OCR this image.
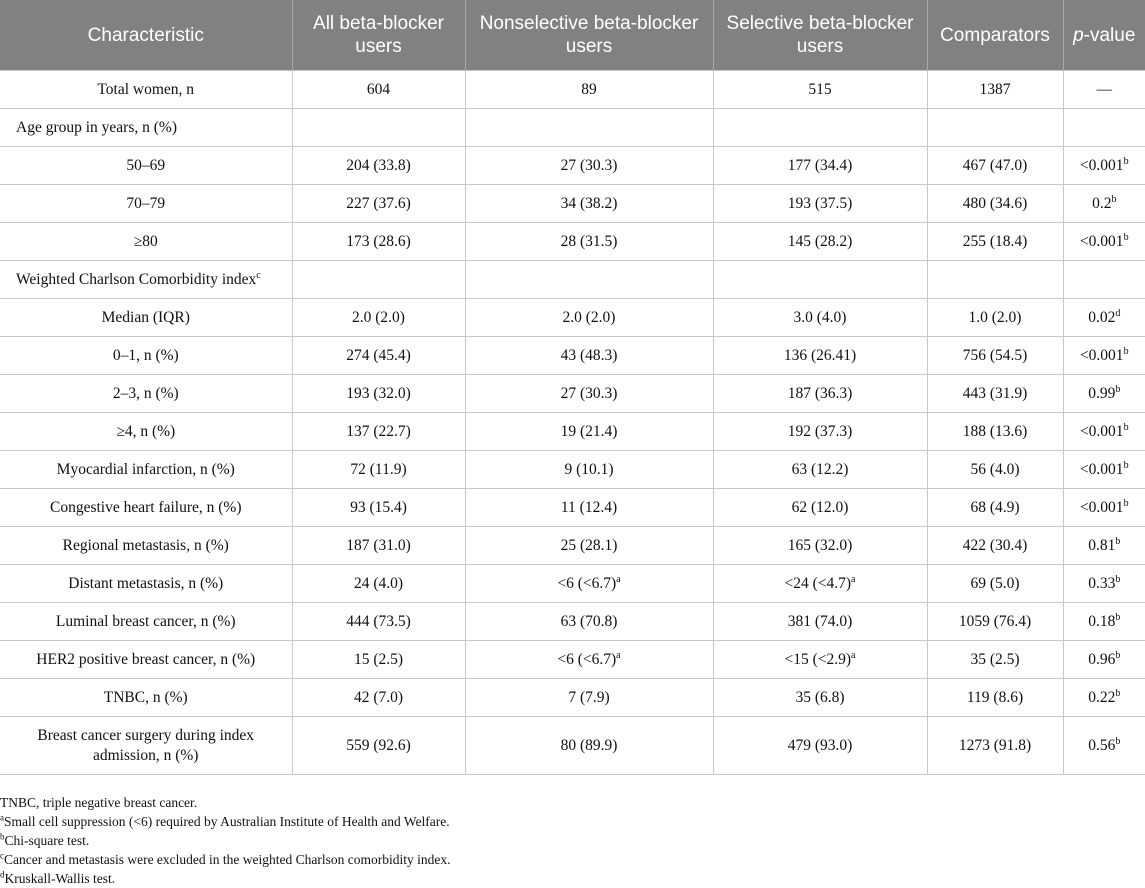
Characteristic	All beta-blocker users	Nonselective beta-blocker users	Selective beta-blocker users	Comparators	p-value
Total women, n	604	89	515	1387	—
Age group in years, n (%)					
50–69	204 (33.8)	27 (30.3)	177 (34.4)	467 (47.0)	<0.001$^b$
70–79	227 (37.6)	34 (38.2)	193 (37.5)	480 (34.6)	0.2$^b$
≥80	173 (28.6)	28 (31.5)	145 (28.2)	255 (18.4)	<0.001$^b$
Weighted Charlson Comorbidity index$^c$					
Median (IQR)	2.0 (2.0)	2.0 (2.0)	3.0 (4.0)	1.0 (2.0)	0.02$^d$
0–1, n (%)	274 (45.4)	43 (48.3)	136 (26.41)	756 (54.5)	<0.001$^b$
2–3, n (%)	193 (32.0)	27 (30.3)	187 (36.3)	443 (31.9)	0.99$^b$
≥4, n (%)	137 (22.7)	19 (21.4)	192 (37.3)	188 (13.6)	<0.001$^b$
Myocardial infarction, n (%)	72 (11.9)	9 (10.1)	63 (12.2)	56 (4.0)	<0.001$^b$
Congestive heart failure, n (%)	93 (15.4)	11 (12.4)	62 (12.0)	68 (4.9)	<0.001$^b$
Regional metastasis, n (%)	187 (31.0)	25 (28.1)	165 (32.0)	422 (30.4)	0.81$^b$
Distant metastasis, n (%)	24 (4.0)	<6 (<6.7)$^a$	<24 (<4.7)$^a$	69 (5.0)	0.33$^b$
Luminal breast cancer, n (%)	444 (73.5)	63 (70.8)	381 (74.0)	1059 (76.4)	0.18$^b$
HER2 positive breast cancer, n (%)	15 (2.5)	<6 (<6.7)$^a$	<15 (<2.9)$^a$	35 (2.5)	0.96$^b$
TNBC, n (%)	42 (7.0)	7 (7.9)	35 (6.8)	119 (8.6)	0.22$^b$
Breast cancer surgery during index admission, n (%)	559 (92.6)	80 (89.9)	479 (93.0)	1273 (91.8)	0.56$^b$
TNBC, triple negative breast cancer.
$^a$Small cell suppression (<6) required by Australian Institute of Health and Welfare.
$^b$Chi-square test.
$^c$Cancer and metastasis were excluded in the weighted Charlson comorbidity index.
$^d$Kruskall-Wallis test.
